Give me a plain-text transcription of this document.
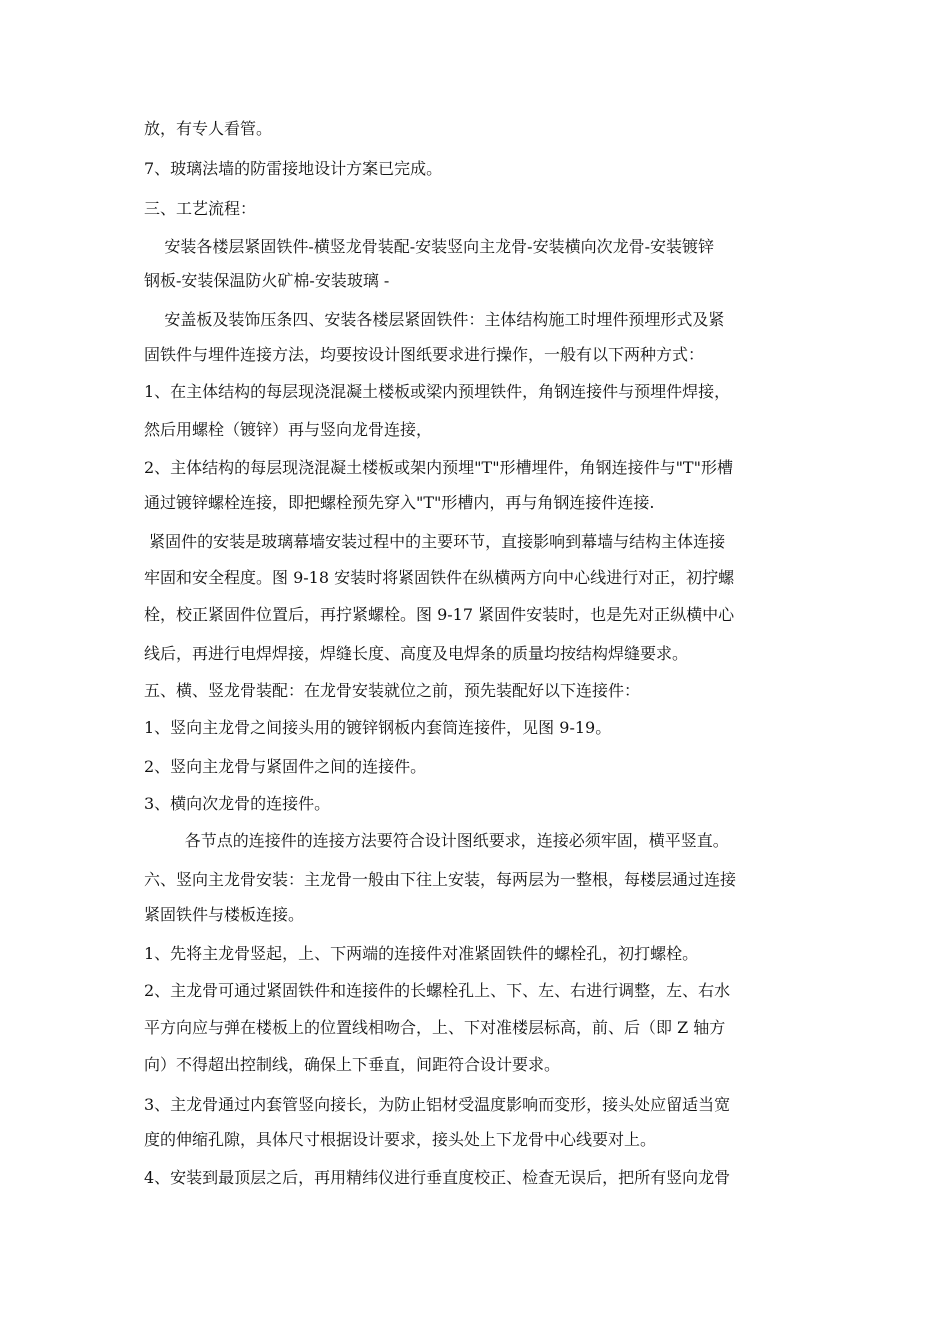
放，有专人看管。
7、玻璃法墙的防雷接地设计方案已完成。
三、工艺流程：
安装各楼层紧固铁件-横竖龙骨装配-安装竖向主龙骨-安装横向次龙骨-安装镀锌
钢板-安装保温防火矿棉-安装玻璃 -
安盖板及装饰压条四、安装各楼层紧固铁件：主体结构施工时埋件预埋形式及紧
固铁件与埋件连接方法，均要按设计图纸要求进行操作，一般有以下两种方式：
1、在主体结构的每层现浇混凝土楼板或梁内预埋铁件，角钢连接件与预埋件焊接，
然后用螺栓（镀锌）再与竖向龙骨连接，
2、主体结构的每层现浇混凝土楼板或架内预埋"T"形槽埋件，角钢连接件与"T"形槽
通过镀锌螺栓连接，即把螺栓预先穿入"T"形槽内，再与角钢连接件连接.
紧固件的安装是玻璃幕墙安装过程中的主要环节，直接影响到幕墙与结构主体连接
牢固和安全程度。图 9-18 安装时将紧固铁件在纵横两方向中心线进行对正，初拧螺
栓，校正紧固件位置后，再拧紧螺栓。图 9-17 紧固件安装时，也是先对正纵横中心
线后，再进行电焊焊接，焊缝长度、高度及电焊条的质量均按结构焊缝要求。
五、横、竖龙骨装配：在龙骨安装就位之前，预先装配好以下连接件：
1、竖向主龙骨之间接头用的镀锌钢板内套筒连接件，见图 9-19。
2、竖向主龙骨与紧固件之间的连接件。
3、横向次龙骨的连接件。
各节点的连接件的连接方法要符合设计图纸要求，连接必须牢固，横平竖直。
六、竖向主龙骨安装：主龙骨一般由下往上安装，每两层为一整根，每楼层通过连接
紧固铁件与楼板连接。
1、先将主龙骨竖起，上、下两端的连接件对准紧固铁件的螺栓孔，初打螺栓。
2、主龙骨可通过紧固铁件和连接件的长螺栓孔上、下、左、右进行调整，左、右水
平方向应与弹在楼板上的位置线相吻合，上、下对准楼层标高，前、后（即 Z 轴方
向）不得超出控制线，确保上下垂直，间距符合设计要求。
3、主龙骨通过内套管竖向接长，为防止铝材受温度影响而变形，接头处应留适当宽
度的伸缩孔隙，具体尺寸根据设计要求，接头处上下龙骨中心线要对上。
4、安装到最顶层之后，再用精纬仪进行垂直度校正、检查无误后，把所有竖向龙骨
